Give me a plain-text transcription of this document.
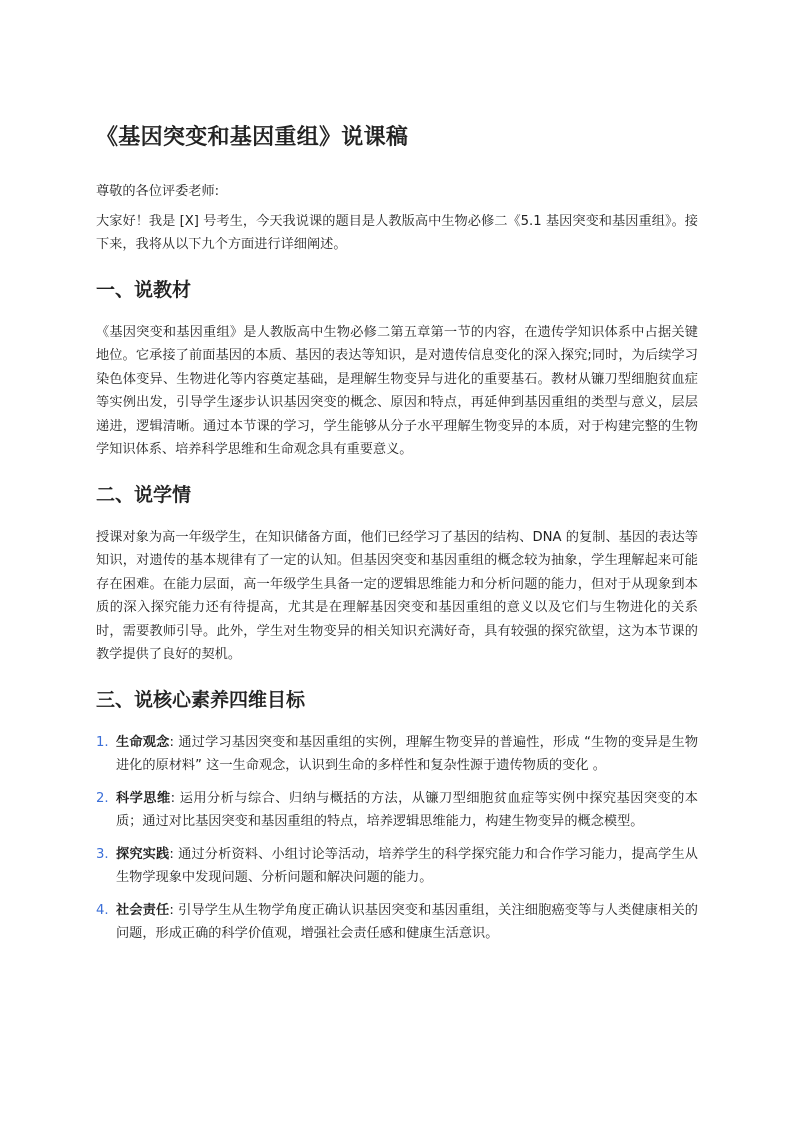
《基因突变和基因重组》说课稿

尊敬的各位评委老师:

大家好！我是 [X] 号考生，今天我说课的题目是人教版高中生物必修二《5.1 基因突变和基因重组》。接下来，我将从以下九个方面进行详细阐述。

一、说教材

《基因突变和基因重组》是人教版高中生物必修二第五章第一节的内容，在遗传学知识体系中占据关键地位。它承接了前面基因的本质、基因的表达等知识，是对遗传信息变化的深入探究;同时，为后续学习染色体变异、生物进化等内容奠定基础，是理解生物变异与进化的重要基石。教材从镰刀型细胞贫血症等实例出发，引导学生逐步认识基因突变的概念、原因和特点，再延伸到基因重组的类型与意义，层层递进，逻辑清晰。通过本节课的学习，学生能够从分子水平理解生物变异的本质，对于构建完整的生物学知识体系、培养科学思维和生命观念具有重要意义。

二、说学情

授课对象为高一年级学生，在知识储备方面，他们已经学习了基因的结构、DNA 的复制、基因的表达等知识，对遗传的基本规律有了一定的认知。但基因突变和基因重组的概念较为抽象，学生理解起来可能存在困难。在能力层面，高一年级学生具备一定的逻辑思维能力和分析问题的能力，但对于从现象到本质的深入探究能力还有待提高，尤其是在理解基因突变和基因重组的意义以及它们与生物进化的关系时，需要教师引导。此外，学生对生物变异的相关知识充满好奇，具有较强的探究欲望，这为本节课的教学提供了良好的契机。

三、说核心素养四维目标
1. 生命观念: 通过学习基因突变和基因重组的实例，理解生物变异的普遍性，形成 “生物的变异是生物进化的原材料” 这一生命观念，认识到生命的多样性和复杂性源于遗传物质的变化 。
2. 科学思维: 运用分析与综合、归纳与概括的方法，从镰刀型细胞贫血症等实例中探究基因突变的本质；通过对比基因突变和基因重组的特点，培养逻辑思维能力，构建生物变异的概念模型。
3. 探究实践: 通过分析资料、小组讨论等活动，培养学生的科学探究能力和合作学习能力，提高学生从生物学现象中发现问题、分析问题和解决问题的能力。
4. 社会责任: 引导学生从生物学角度正确认识基因突变和基因重组，关注细胞癌变等与人类健康相关的问题，形成正确的科学价值观，增强社会责任感和健康生活意识。
